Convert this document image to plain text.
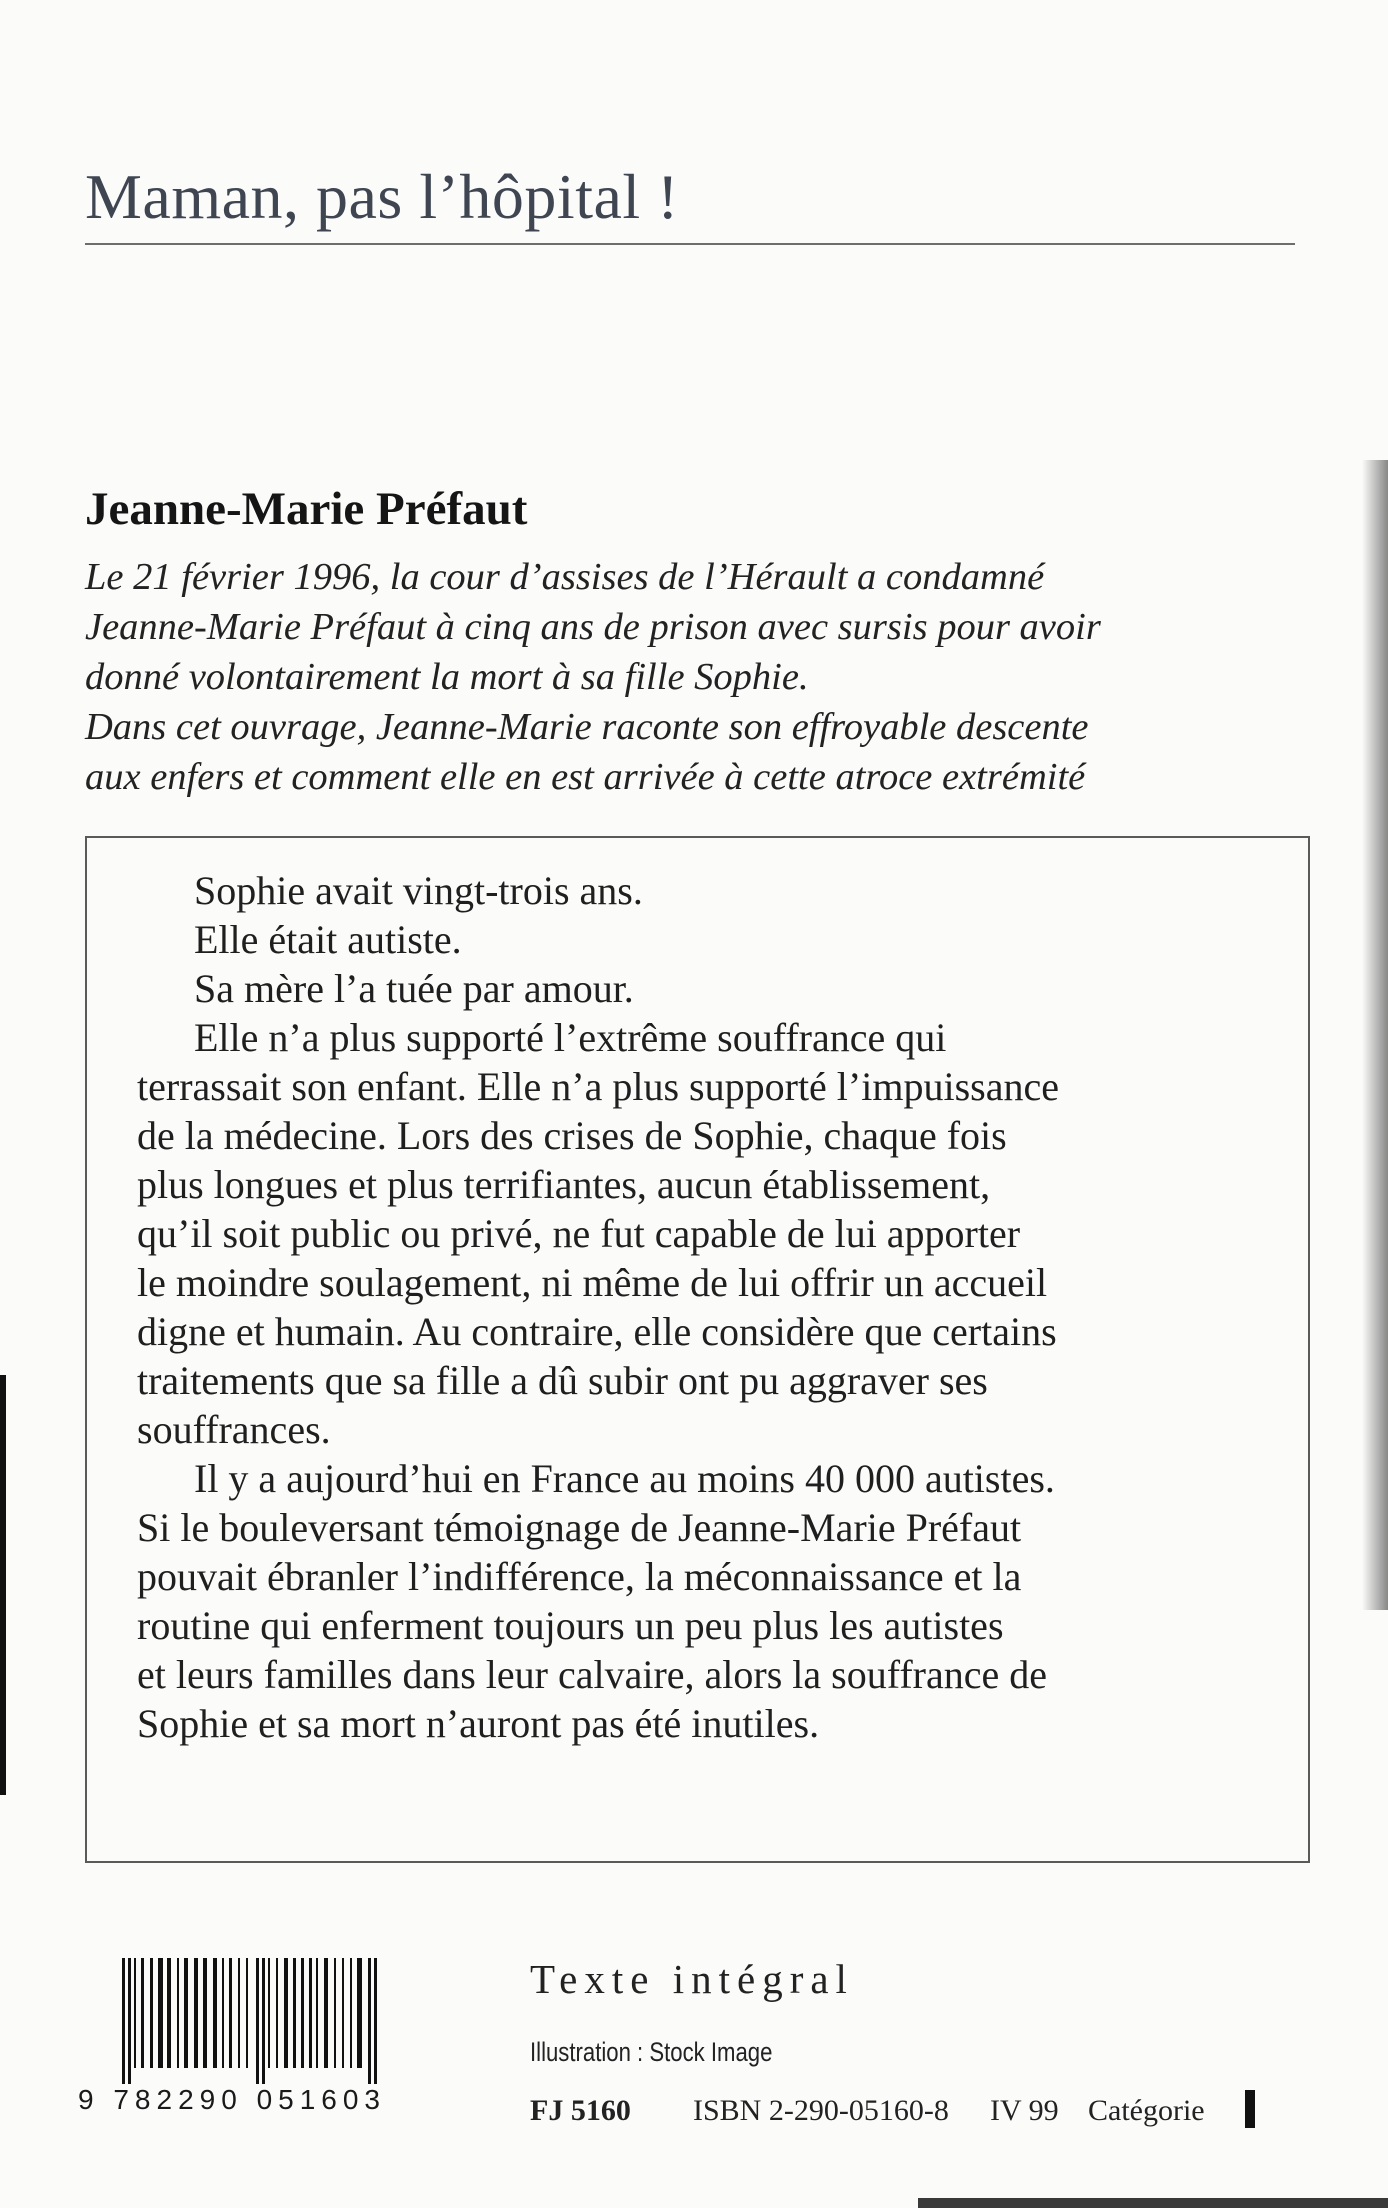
Maman, pas l’hôpital !
Jeanne-Marie Préfaut
Le 21 février 1996, la cour d’assises de l’Hérault a condamné
Jeanne-Marie Préfaut à cinq ans de prison avec sursis pour avoir
donné volontairement la mort à sa fille Sophie.
Dans cet ouvrage, Jeanne-Marie raconte son effroyable descente
aux enfers et comment elle en est arrivée à cette atroce extrémité
Sophie avait vingt-trois ans.
Elle était autiste.
Sa mère l’a tuée par amour.
Elle n’a plus supporté l’extrême souffrance qui
terrassait son enfant. Elle n’a plus supporté l’impuissance
de la médecine. Lors des crises de Sophie, chaque fois
plus longues et plus terrifiantes, aucun établissement,
qu’il soit public ou privé, ne fut capable de lui apporter
le moindre soulagement, ni même de lui offrir un accueil
digne et humain. Au contraire, elle considère que certains
traitements que sa fille a dû subir ont pu aggraver ses
souffrances.
Il y a aujourd’hui en France au moins 40 000 autistes.
Si le bouleversant témoignage de Jeanne-Marie Préfaut
pouvait ébranler l’indifférence, la méconnaissance et la
routine qui enferment toujours un peu plus les autistes
et leurs familles dans leur calvaire, alors la souffrance de
Sophie et sa mort n’auront pas été inutiles.

9 782290 051603

Texte intégral

Illustration : Stock Image

FJ 5160 ISBN 2-290-05160-8 IV 99 Catégorie
